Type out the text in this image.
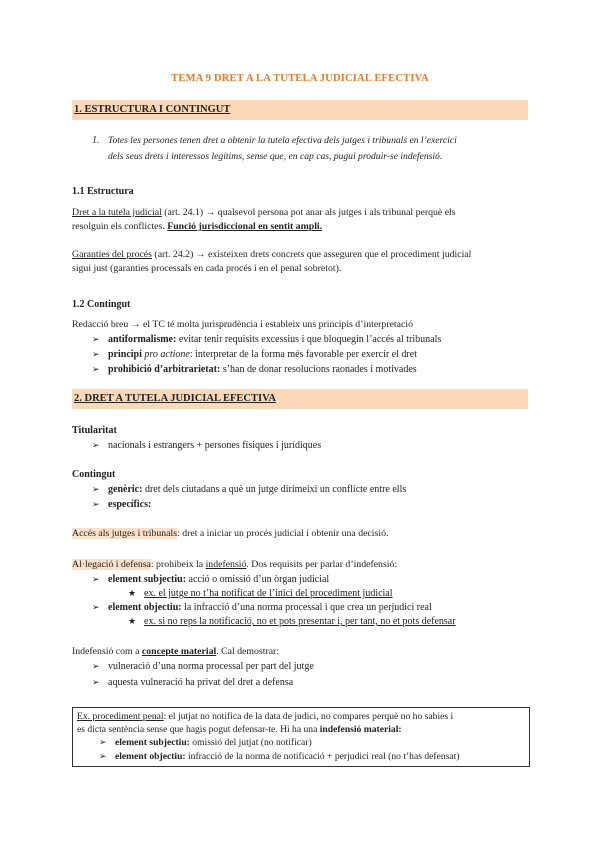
TEMA 9 DRET A LA TUTELA JUDICIAL EFECTIVA
1. ESTRUCTURA I CONTINGUT
1. Totes les persones tenen dret a obtenir la tutela efectiva dels jutges i tribunals en l’exercici
dels seus drets i interessos legítims, sense que, en cap cas, pugui produir-se indefensió.
1.1 Estructura
Dret a la tutela judicial (art. 24.1) → qualsevol persona pot anar als jutges i als tribunal perquè els
resolguin els conflictes. Funció jurisdiccional en sentit ampli.
Garanties del procés (art. 24.2) → existeixen drets concrets que asseguren que el procediment judicial
sigui just (garanties processals en cada procés i en el penal sobretot).
1.2 Contingut
Redacció breu → el TC té molta jurisprudència i estableix uns principis d’interpretació
➢ antiformalisme: evitar tenir requisits excessius i que bloquegin l’accés al tribunals
➢ principi pro actione: interpretar de la forma més favorable per exercir el dret
➢ prohibició d’arbitrarietat: s’han de donar resolucions raonades i motivades
2. DRET A TUTELA JUDICIAL EFECTIVA
Titularitat
➢ nacionals i estrangers + persones físiques i jurídiques
Contingut
➢ genèric: dret dels ciutadans a què un jutge dirimeixi un conflicte entre ells
➢ específics:
Accés als jutges i tribunals: dret a iniciar un procés judicial i obtenir una decisió.
Al·legació i defensa: prohibeix la indefensió. Dos requisits per parlar d’indefensió:
➢ element subjectiu: acció o omissió d’un òrgan judicial
★ ex. el jutge no t’ha notificat de l’inici del procediment judicial
➢ element objectiu: la infracció d’una norma processal i que crea un perjudici real
★ ex. si no reps la notificació, no et pots presentar i, per tant, no et pots defensar
Indefensió com a concepte material. Cal demostrar:
➢ vulneració d’una norma processal per part del jutge
➢ aquesta vulneració ha privat del dret a defensa
Ex. procediment penal: el jutjat no notifica de la data de judici, no compares perquè no ho sabies i
es dicta sentència sense que hagis pogut defensar-te. Hi ha una indefensió material:
➢ element subjectiu: omissió del jutjat (no notificar)
➢ element objectiu: infracció de la norma de notificació + perjudici real (no t’has defensat)
